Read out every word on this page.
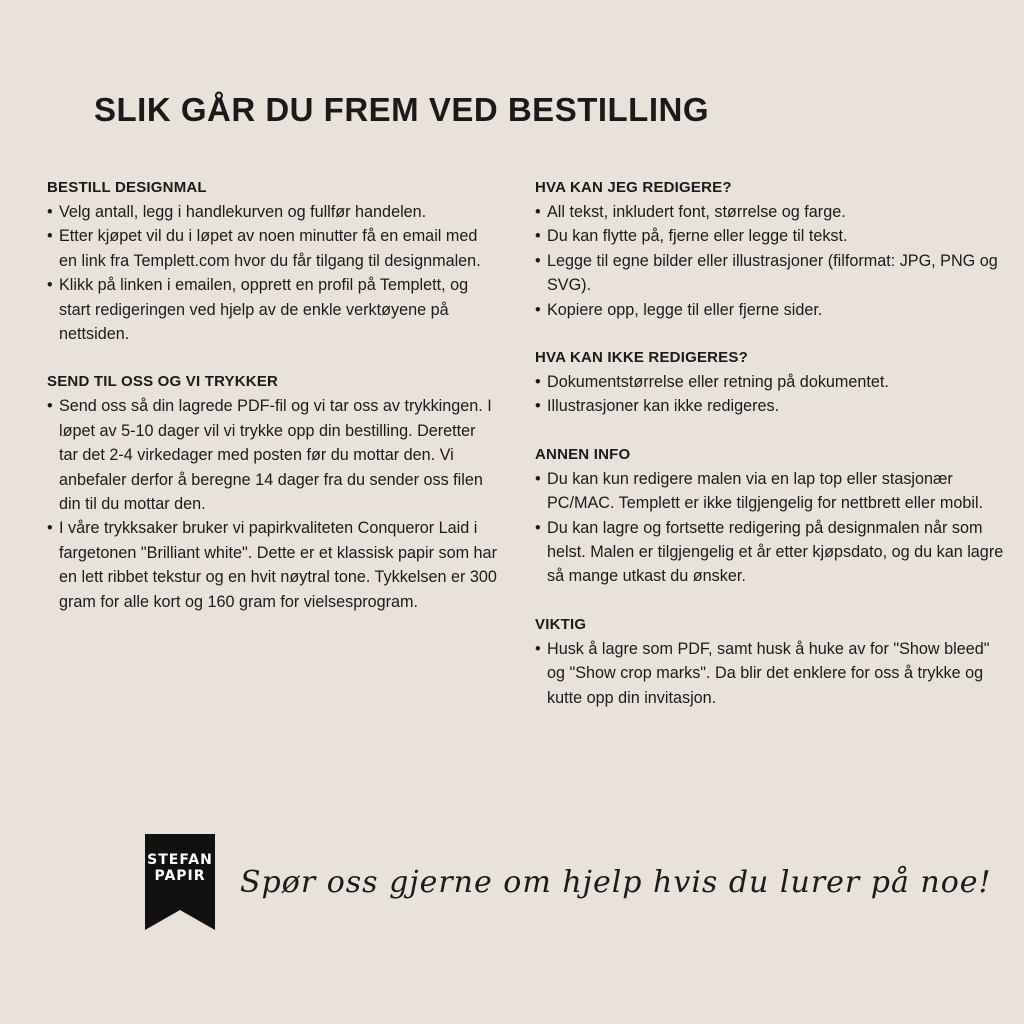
SLIK GÅR DU FREM VED BESTILLING
BESTILL DESIGNMAL
• Velg antall, legg i handlekurven og fullfør handelen.
• Etter kjøpet vil du i løpet av noen minutter få en email med en link fra Templett.com hvor du får tilgang til designmalen.
• Klikk på linken i emailen, opprett en profil på Templett, og start redigeringen ved hjelp av de enkle verktøyene på nettsiden.
SEND TIL OSS OG VI TRYKKER
• Send oss så din lagrede PDF-fil og vi tar oss av trykkingen. I løpet av 5-10 dager vil vi trykke opp din bestilling. Deretter tar det 2-4 virkedager med posten før du mottar den. Vi anbefaler derfor å beregne 14 dager fra du sender oss filen din til du mottar den.
• I våre trykksaker bruker vi papirkvaliteten Conqueror Laid i fargetonen "Brilliant white". Dette er et klassisk papir som har en lett ribbet tekstur og en hvit nøytral tone. Tykkelsen er 300 gram for alle kort og 160 gram for vielsesprogram.
HVA KAN JEG REDIGERE?
• All tekst, inkludert font, størrelse og farge.
• Du kan flytte på, fjerne eller legge til tekst.
• Legge til egne bilder eller illustrasjoner (filformat: JPG, PNG og SVG).
• Kopiere opp, legge til eller fjerne sider.
HVA KAN IKKE REDIGERES?
• Dokumentstørrelse eller retning på dokumentet.
• Illustrasjoner kan ikke redigeres.
ANNEN INFO
• Du kan kun redigere malen via en lap top eller stasjonær PC/MAC. Templett er ikke tilgjengelig for nettbrett eller mobil.
• Du kan lagre og fortsette redigering på designmalen når som helst. Malen er tilgjengelig et år etter kjøpsdato, og du kan lagre så mange utkast du ønsker.
VIKTIG
• Husk å lagre som PDF, samt husk å huke av for "Show bleed" og "Show crop marks". Da blir det enklere for oss å trykke og kutte opp din invitasjon.
STEFAN
PAPIR	Spør oss gjerne om hjelp hvis du lurer på noe!
